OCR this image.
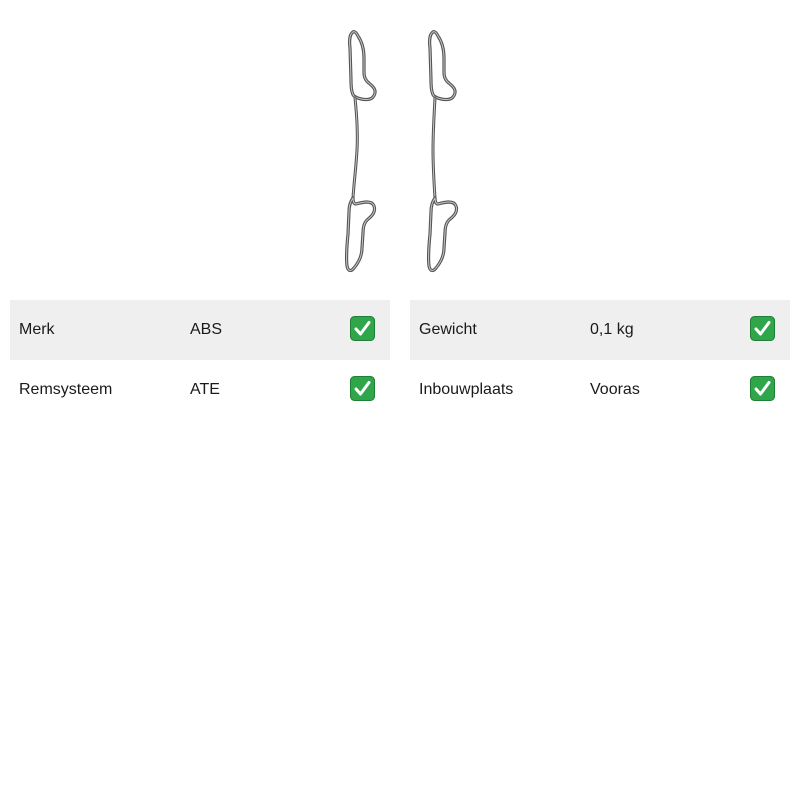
Merk	ABS
Remsysteem	ATE
Gewicht	0,1 kg
Inbouwplaats	Vooras
